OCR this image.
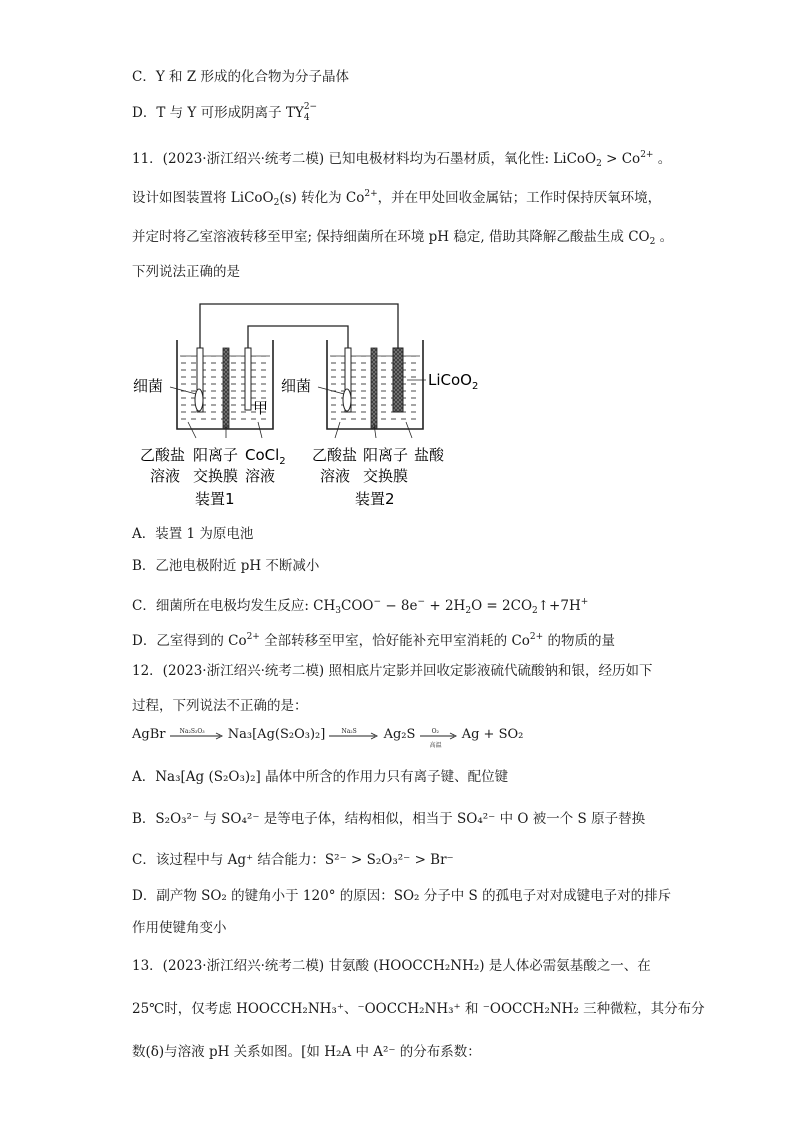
C．Y 和 Z 形成的化合物为分子晶体
D．T 与 Y 可形成阴离子 TY 2−
4
11．(2023·浙江绍兴·统考二模) 已知电极材料均为石墨材质，氧化性: LiCoO$_2$ > $Co^{2+}$ 。
设计如图装置将 LiCoO$_2$(s) 转化为 $Co^{2+}$，并在甲处回收金属钴；工作时保持厌氧环境，
并定时将乙室溶液转移至甲室; 保持细菌所在环境 pH 稳定, 借助其降解乙酸盐生成 $CO_2$ 。
下列说法正确的是
细菌	细菌	LiCoO$_2$
甲
乙酸盐
溶液
阳离子
交换膜
CoCl$_2$
溶液
乙酸盐
溶液
阳离子
交换膜
盐酸
装置1	装置2
A．装置 1 为原电池
B．乙池电极附近 pH 不断减小
C．细菌所在电极均发生反应: $CH_3COO^- - 8e^- + 2H_2O$ = $2CO_2↑+7H^+$
D．乙室得到的 $Co^{2+}$ 全部转移至甲室，恰好能补充甲室消耗的 $Co^{2+}$ 的物质的量
12．(2023·浙江绍兴·统考二模) 照相底片定影并回收定影液硫代硫酸钠和银，经历如下
过程，下列说法不正确的是：
AgBr Na₂S₂O₃ Na₃[Ag(S₂O₃)₂]	Na₂S Ag₂S	O₂
高温
Ag + SO₂
A．Na₃[Ag (S₂O₃)₂] 晶体中所含的作用力只有离子键、配位键
B．S₂O₃²⁻ 与 SO₄²⁻ 是等电子体，结构相似，相当于 SO₄²⁻ 中 O 被一个 S 原子替换
C．该过程中与 Ag⁺ 结合能力：S²⁻ > S₂O₃²⁻ > Br⁻
D．副产物 SO₂ 的键角小于 120° 的原因：SO₂ 分子中 S 的孤电子对对成键电子对的排斥
作用使键角变小
13．(2023·浙江绍兴·统考二模) 甘氨酸 (HOOCCH₂NH₂) 是人体必需氨基酸之一、在
25℃时，仅考虑 HOOCCH₂NH₃⁺、⁻OOCCH₂NH₃⁺ 和 ⁻OOCCH₂NH₂ 三种微粒，其分布分
数(δ)与溶液 pH 关系如图。[如 H₂A 中 A²⁻ 的分布系数：
